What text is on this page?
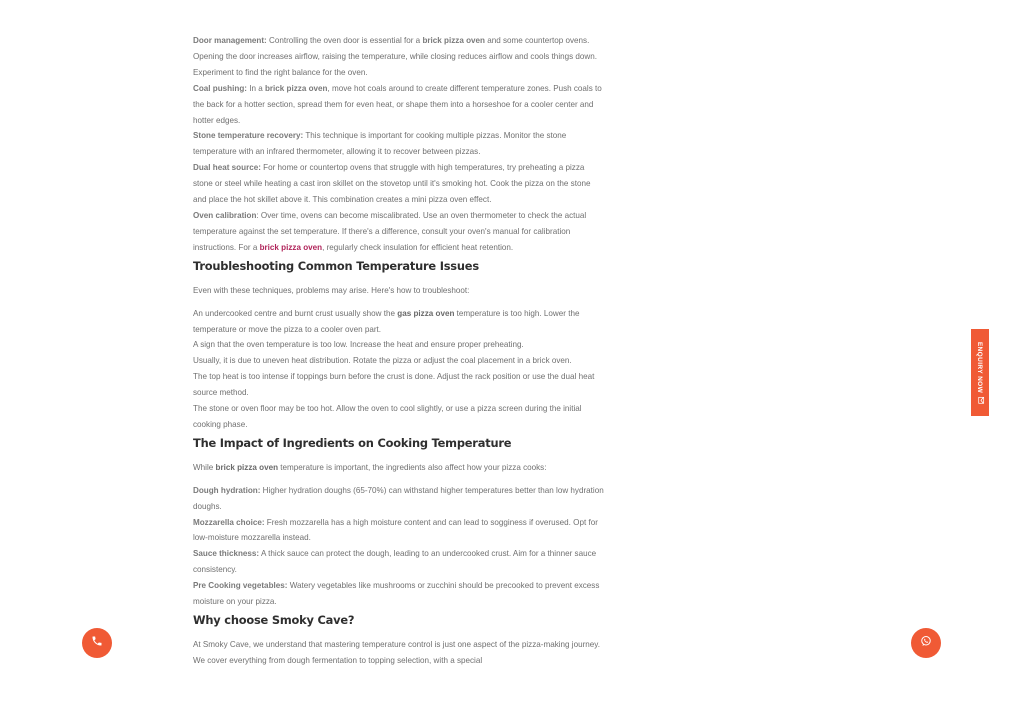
Door management: Controlling the oven door is essential for a brick pizza oven and some countertop ovens. Opening the door increases airflow, raising the temperature, while closing reduces airflow and cools things down. Experiment to find the right balance for the oven.

Coal pushing: In a brick pizza oven, move hot coals around to create different temperature zones. Push coals to the back for a hotter section, spread them for even heat, or shape them into a horseshoe for a cooler center and hotter edges.

Stone temperature recovery: This technique is important for cooking multiple pizzas. Monitor the stone temperature with an infrared thermometer, allowing it to recover between pizzas.

Dual heat source: For home or countertop ovens that struggle with high temperatures, try preheating a pizza stone or steel while heating a cast iron skillet on the stovetop until it's smoking hot. Cook the pizza on the stone and place the hot skillet above it. This combination creates a mini pizza oven effect.

Oven calibration: Over time, ovens can become miscalibrated. Use an oven thermometer to check the actual temperature against the set temperature. If there's a difference, consult your oven's manual for calibration instructions. For a brick pizza oven, regularly check insulation for efficient heat retention.

Troubleshooting Common Temperature Issues

Even with these techniques, problems may arise. Here's how to troubleshoot:

An undercooked centre and burnt crust usually show the gas pizza oven temperature is too high. Lower the temperature or move the pizza to a cooler oven part.

A sign that the oven temperature is too low. Increase the heat and ensure proper preheating.

Usually, it is due to uneven heat distribution. Rotate the pizza or adjust the coal placement in a brick oven.

The top heat is too intense if toppings burn before the crust is done. Adjust the rack position or use the dual heat source method.

The stone or oven floor may be too hot. Allow the oven to cool slightly, or use a pizza screen during the initial cooking phase.

The Impact of Ingredients on Cooking Temperature

While brick pizza oven temperature is important, the ingredients also affect how your pizza cooks:

Dough hydration: Higher hydration doughs (65-70%) can withstand higher temperatures better than low hydration doughs.

Mozzarella choice: Fresh mozzarella has a high moisture content and can lead to sogginess if overused. Opt for low-moisture mozzarella instead.

Sauce thickness: A thick sauce can protect the dough, leading to an undercooked crust. Aim for a thinner sauce consistency.

Pre Cooking vegetables: Watery vegetables like mushrooms or zucchini should be precooked to prevent excess moisture on your pizza.

Why choose Smoky Cave?

At Smoky Cave, we understand that mastering temperature control is just one aspect of the pizza-making journey. We cover everything from dough fermentation to topping selection, with a special

ENQUIRY NOW
